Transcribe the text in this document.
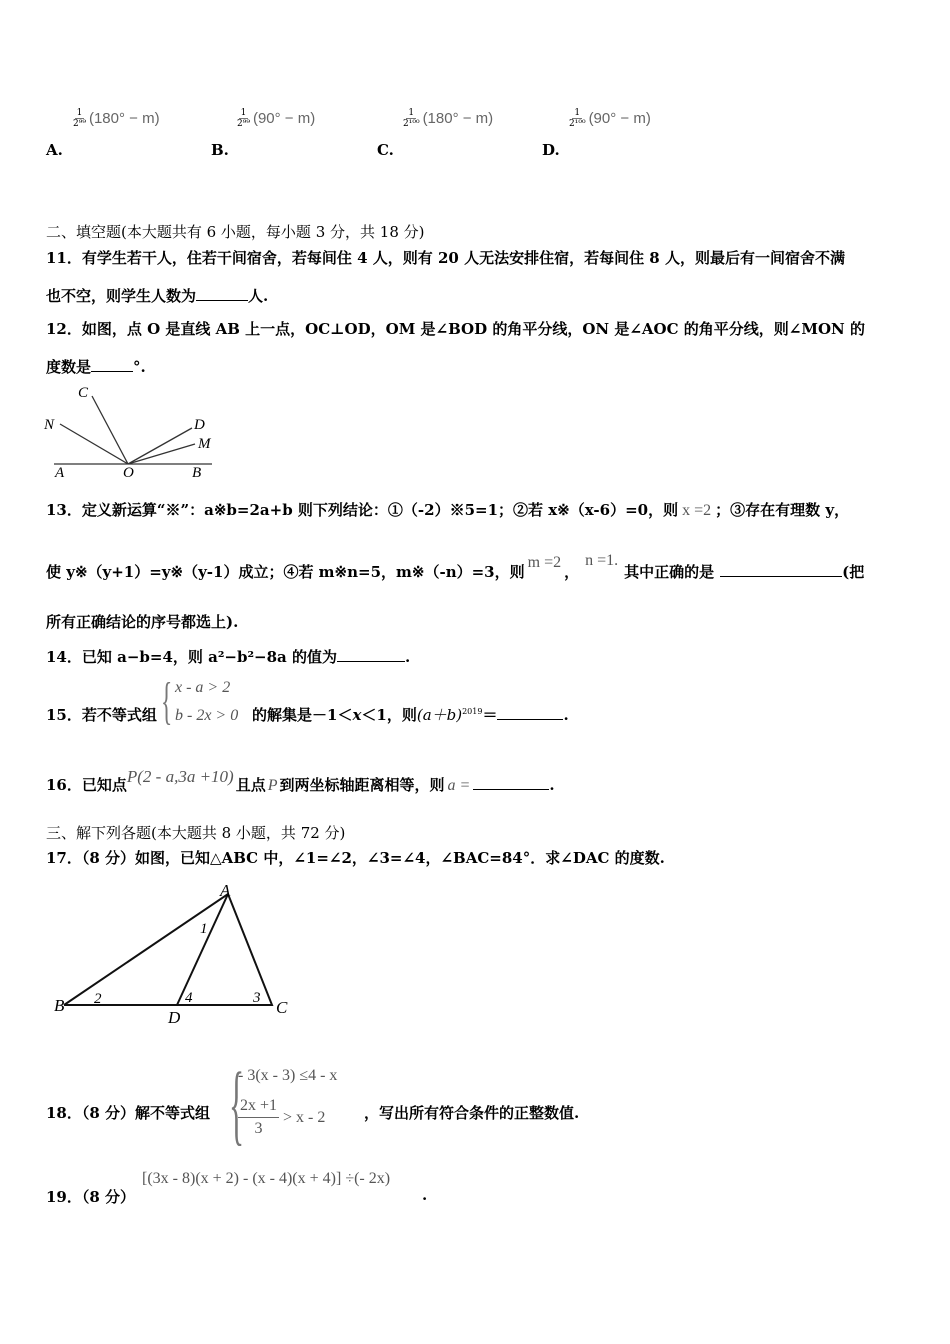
$\frac{1}{\text{2⁹⁹}} (180^\circ - m)$
A.
$\frac{1}{\text{2⁹⁹}} (90^\circ - m)$
B.
$\frac{1}{\text{2¹⁰⁰}} (180^\circ - m)$
C.
$\frac{1}{\text{2¹⁰⁰}} (90^\circ - m)$
D.
二、填空题(本大题共有 6 小题，每小题 3 分，共 18 分)
11．有学生若干人，住若干间宿舍，若每间住 4 人，则有 20 人无法安排住宿，若每间住 8 人，则最后有一间宿舍不满
也不空，则学生人数为	人.
12．如图，点 O 是直线 AB 上一点，OC⊥OD，OM 是∠BOD 的角平分线，ON 是∠AOC 的角平分线，则∠MON 的
度数是	°.
C
N	D
M
A	O	B
13．定义新运算“※”：a※b=2a+b 则下列结论：①（-2）※5=1；②若 x※（x-6）=0，则 x =2 ；③存在有理数 y，
使 y※（y+1）=y※（y-1）成立；④若 m※n=5，m※（-n）=3，则m =2，n =1.其中正确的是	(把
所有正确结论的序号都选上).
14．已知 a−b=4，则 a²−b²−8a 的值为	.
15．若不等式组 { x - a > 2
b - 2x > 0 的解集是－1＜x＜1，则$(a+b)^{2019}=$	.
16．已知点P(2 - a,3a +10) 且点 P 到两坐标轴距离相等，则 a =	.
三、解下列各题(本大题共 8 小题，共 72 分)
17．（8 分）如图，已知△ABC 中，∠1=∠2，∠3=∠4，∠BAC=84°．求∠DAC 的度数.
A
B	C
D
1
2	3
4
18．（8 分）解不等式组 {
- 3(x - 3) ≤4 - x
2x +1
3
> x - 2	，写出所有符合条件的正整数值.
19．（8 分）
[(3x - 8)(x + 2) - (x - 4)(x + 4)] ÷(- 2x)
.
